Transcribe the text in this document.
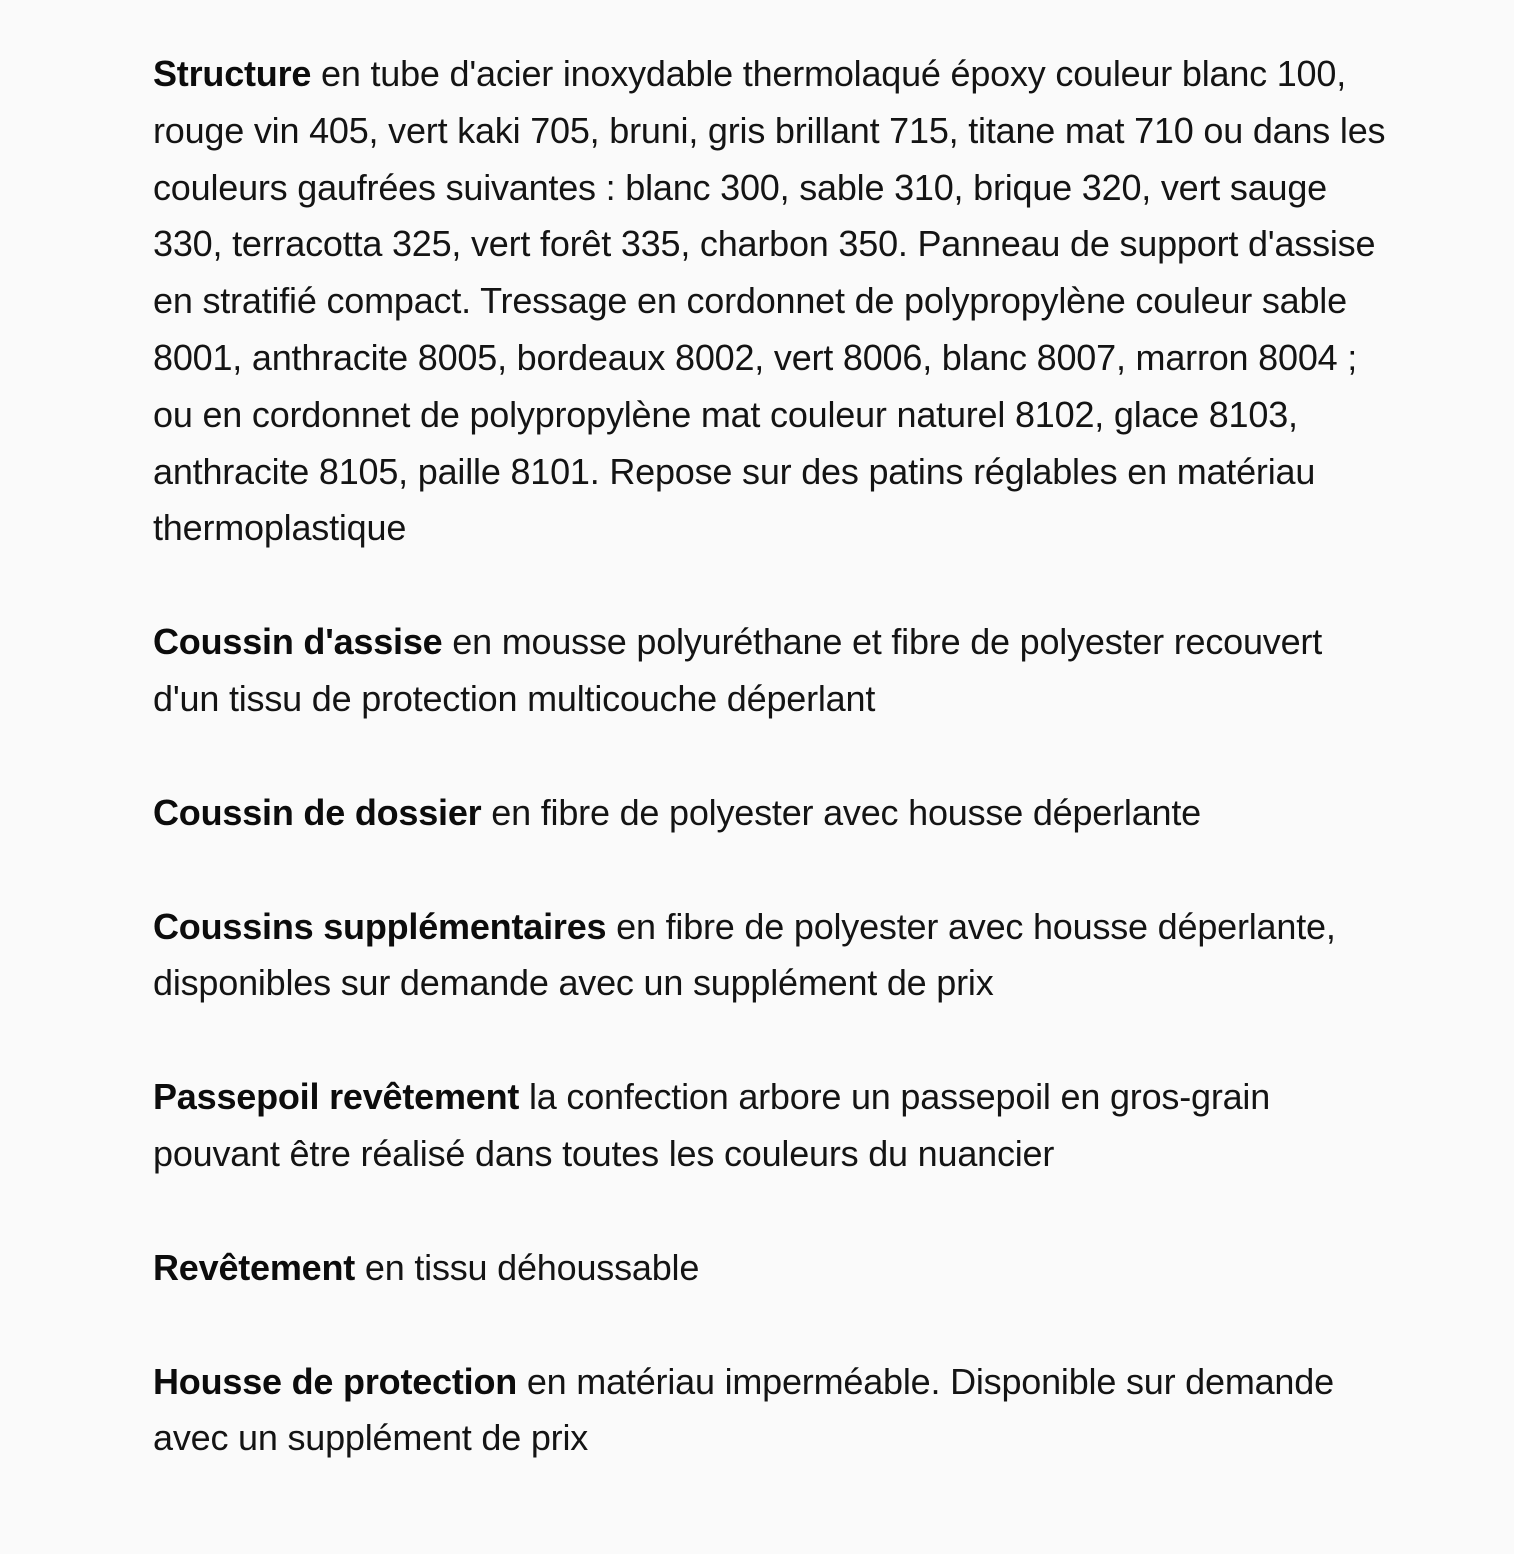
Structure en tube d'acier inoxydable thermolaqué époxy couleur blanc 100, rouge vin 405, vert kaki 705, bruni, gris brillant 715, titane mat 710 ou dans les couleurs gaufrées suivantes : blanc 300, sable 310, brique 320, vert sauge 330, terracotta 325, vert forêt 335, charbon 350. Panneau de support d'assise en stratifié compact. Tressage en cordonnet de polypropylène couleur sable 8001, anthracite 8005, bordeaux 8002, vert 8006, blanc 8007, marron 8004 ; ou en cordonnet de polypropylène mat couleur naturel 8102, glace 8103, anthracite 8105, paille 8101. Repose sur des patins réglables en matériau thermoplastique

Coussin d'assise en mousse polyuréthane et fibre de polyester recouvert d'un tissu de protection multicouche déperlant

Coussin de dossier en fibre de polyester avec housse déperlante

Coussins supplémentaires en fibre de polyester avec housse déperlante, disponibles sur demande avec un supplément de prix

Passepoil revêtement la confection arbore un passepoil en gros-grain pouvant être réalisé dans toutes les couleurs du nuancier

Revêtement en tissu déhoussable

Housse de protection en matériau imperméable. Disponible sur demande avec un supplément de prix
